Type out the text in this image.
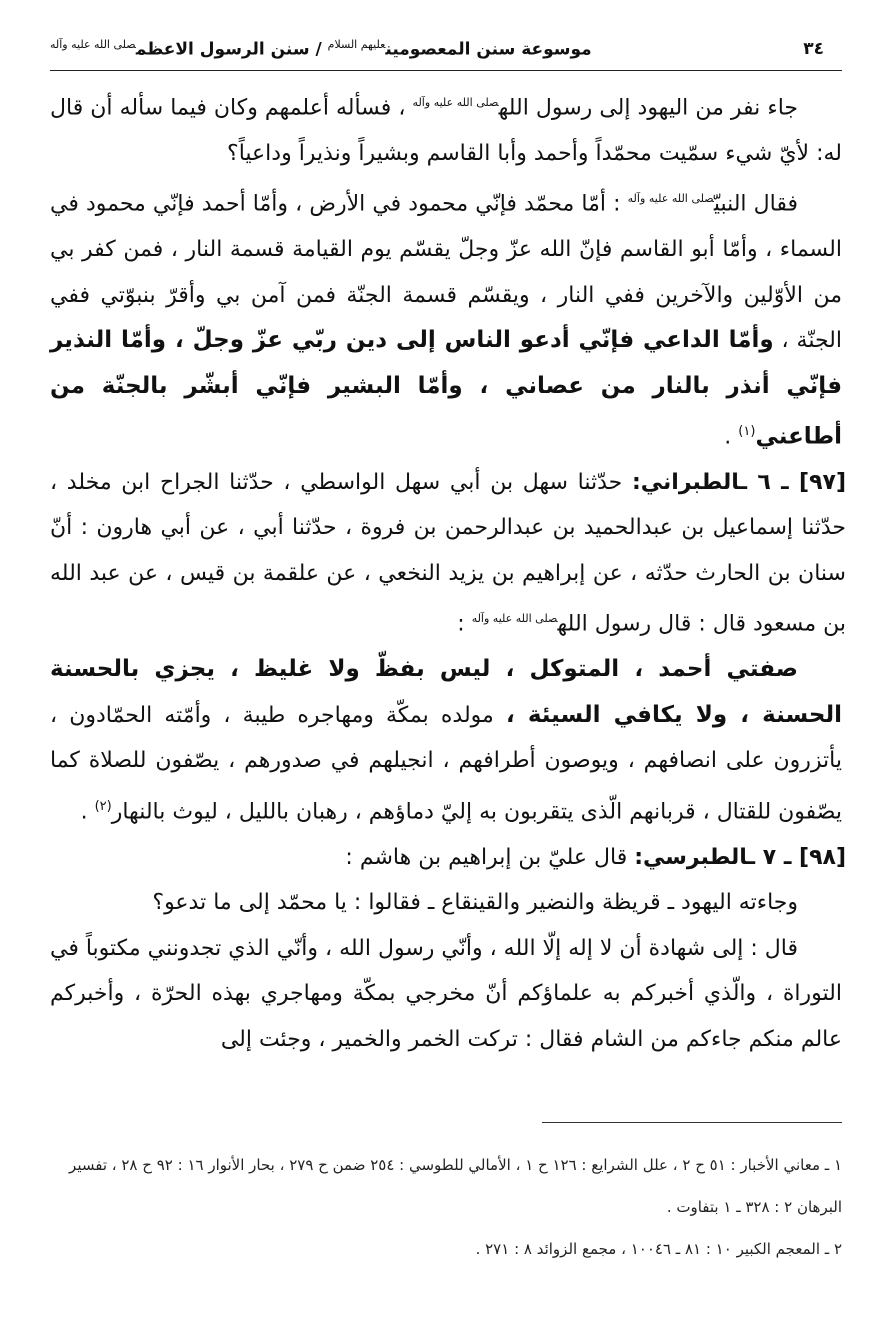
٣٤
موسوعة سنن المعصومين$^{عليهم السلام}$ / سنن الرسول الاعظم$^{صلى الله عليه وآله}$

جاء نفر من اليهود إلى رسول الله$^{صلى الله عليه وآله}$ ، فسأله أعلمهم وكان فيما سأله أن قال له: لأيّ شيء سمّيت محمّداً وأحمد وأبا القاسم وبشيراً ونذيراً وداعياً؟

فقال النبيّ$^{صلى الله عليه وآله}$ : أمّا محمّد فإنّي محمود في الأرض ، وأمّا أحمد فإنّي محمود في السماء ، وأمّا أبو القاسم فإنّ الله عزّ وجلّ يقسّم يوم القيامة قسمة النار ، فمن كفر بي من الأوّلين والآخرين ففي النار ، ويقسّم قسمة الجنّة فمن آمن بي وأقرّ بنبوّتي ففي الجنّة ، وأمّا الداعي فإنّي أدعو الناس إلى دين ربّي عزّ وجلّ ، وأمّا النذير فإنّي أنذر بالنار من عصاني ، وأمّا البشير فإنّي أبشّر بالجنّة من أطاعني$^{(١)}$ .

[٩٧] ـ ٦ ـالطبراني: حدّثنا سهل بن أبي سهل الواسطي ، حدّثنا الجراح ابن مخلد ، حدّثنا إسماعيل بن عبدالحميد بن عبدالرحمن بن فروة ، حدّثنا أبي ، عن أبي هارون : أنّ سنان بن الحارث حدّثه ، عن إبراهيم بن يزيد النخعي ، عن علقمة بن قيس ، عن عبد الله بن مسعود قال : قال رسول الله$^{صلى الله عليه وآله}$ :

صفتي أحمد ، المتوكل ، ليس بفظّ ولا غليظ ، يجزي بالحسنة الحسنة ، ولا يكافي السيئة ، مولده بمكّة ومهاجره طيبة ، وأمّته الحمّادون ، يأتزرون على انصافهم ، ويوصون أطرافهم ، انجيلهم في صدورهم ، يصّفون للصلاة كما يصّفون للقتال ، قربانهم الّذى يتقربون به إليّ دماؤهم ، رهبان بالليل ، ليوث بالنهار$^{(٢)}$ .

[٩٨] ـ ٧ ـالطبرسي: قال عليّ بن إبراهيم بن هاشم :

وجاءته اليهود ـ قريظة والنضير والقينقاع ـ فقالوا : يا محمّد إلى ما تدعو؟

قال : إلى شهادة أن لا إله إلّا الله ، وأنّي رسول الله ، وأنّي الذي تجدونني مكتوباً في التوراة ، والّذي أخبركم به علماؤكم أنّ مخرجي بمكّة ومهاجري بهذه الحرّة ، وأخبركم عالم منكم جاءكم من الشام فقال : تركت الخمر والخمير ، وجئت إلى

١ ـ معاني الأخبار : ٥١ ح ٢ ، علل الشرايع : ١٢٦ ح ١ ، الأمالي للطوسي : ٢٥٤ ضمن ح ٢٧٩ ، بحار الأنوار ١٦ : ٩٢ ح ٢٨ ، تفسير البرهان ٢ : ٣٢٨ ـ ١ بتفاوت .

٢ ـ المعجم الكبير ١٠ : ٨١ ـ ١٠٠٤٦ ، مجمع الزوائد ٨ : ٢٧١ .
